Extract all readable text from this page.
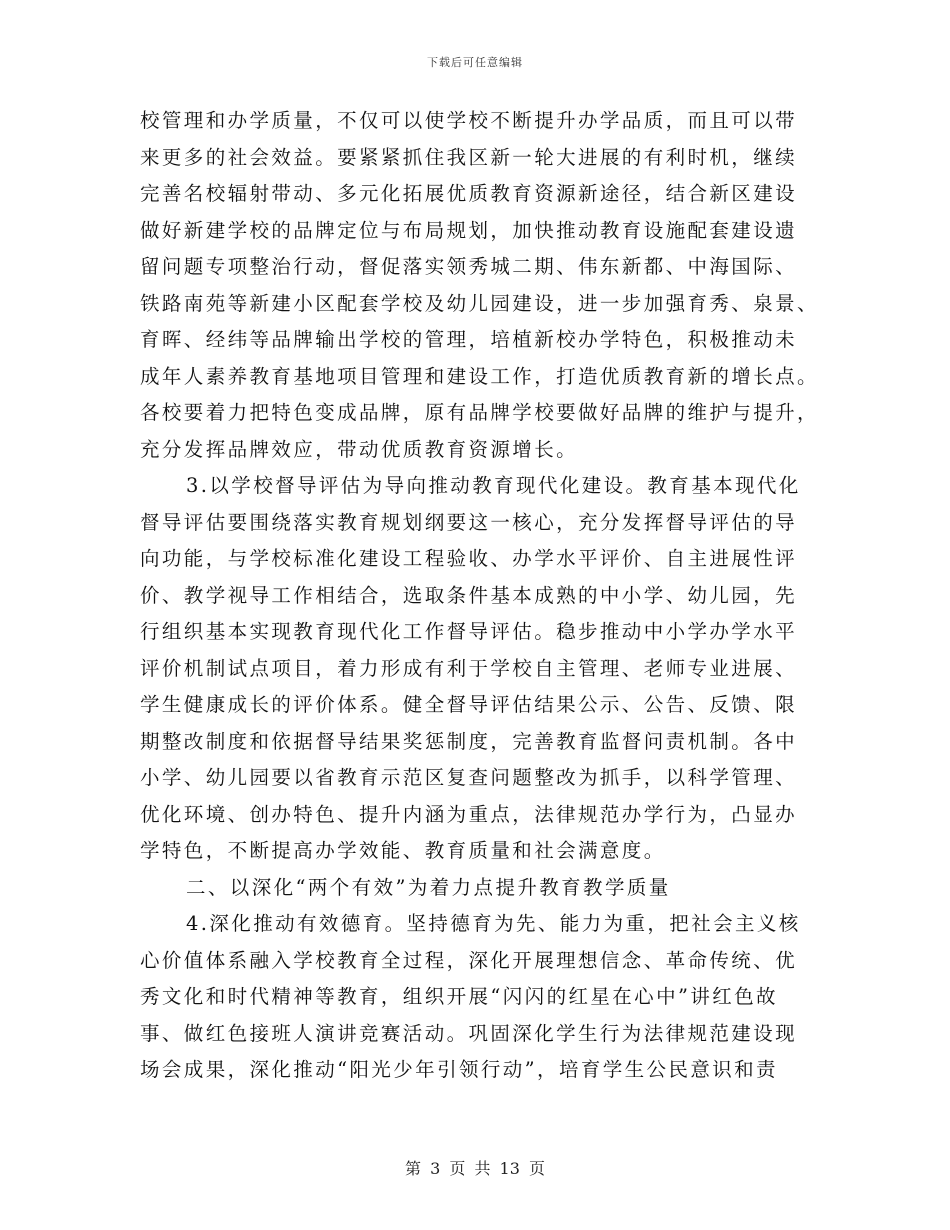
下载后可任意编辑
校管理和办学质量，不仅可以使学校不断提升办学品质，而且可以带
来更多的社会效益。要紧紧抓住我区新一轮大进展的有利时机，继续
完善名校辐射带动、多元化拓展优质教育资源新途径，结合新区建设
做好新建学校的品牌定位与布局规划，加快推动教育设施配套建设遗
留问题专项整治行动，督促落实领秀城二期、伟东新都、中海国际、
铁路南苑等新建小区配套学校及幼儿园建设，进一步加强育秀、泉景、
育晖、经纬等品牌输出学校的管理，培植新校办学特色，积极推动未
成年人素养教育基地项目管理和建设工作，打造优质教育新的增长点。
各校要着力把特色变成品牌，原有品牌学校要做好品牌的维护与提升，
充分发挥品牌效应，带动优质教育资源增长。
3.以学校督导评估为导向推动教育现代化建设。教育基本现代化
督导评估要围绕落实教育规划纲要这一核心，充分发挥督导评估的导
向功能，与学校标准化建设工程验收、办学水平评价、自主进展性评
价、教学视导工作相结合，选取条件基本成熟的中小学、幼儿园，先
行组织基本实现教育现代化工作督导评估。稳步推动中小学办学水平
评价机制试点项目，着力形成有利于学校自主管理、老师专业进展、
学生健康成长的评价体系。健全督导评估结果公示、公告、反馈、限
期整改制度和依据督导结果奖惩制度，完善教育监督问责机制。各中
小学、幼儿园要以省教育示范区复查问题整改为抓手，以科学管理、
优化环境、创办特色、提升内涵为重点，法律规范办学行为，凸显办
学特色，不断提高办学效能、教育质量和社会满意度。
二、以深化“两个有效”为着力点提升教育教学质量
4.深化推动有效德育。坚持德育为先、能力为重，把社会主义核
心价值体系融入学校教育全过程，深化开展理想信念、革命传统、优
秀文化和时代精神等教育，组织开展“闪闪的红星在心中”讲红色故
事、做红色接班人演讲竞赛活动。巩固深化学生行为法律规范建设现
场会成果，深化推动“阳光少年引领行动”，培育学生公民意识和责
第 3 页 共 13 页
